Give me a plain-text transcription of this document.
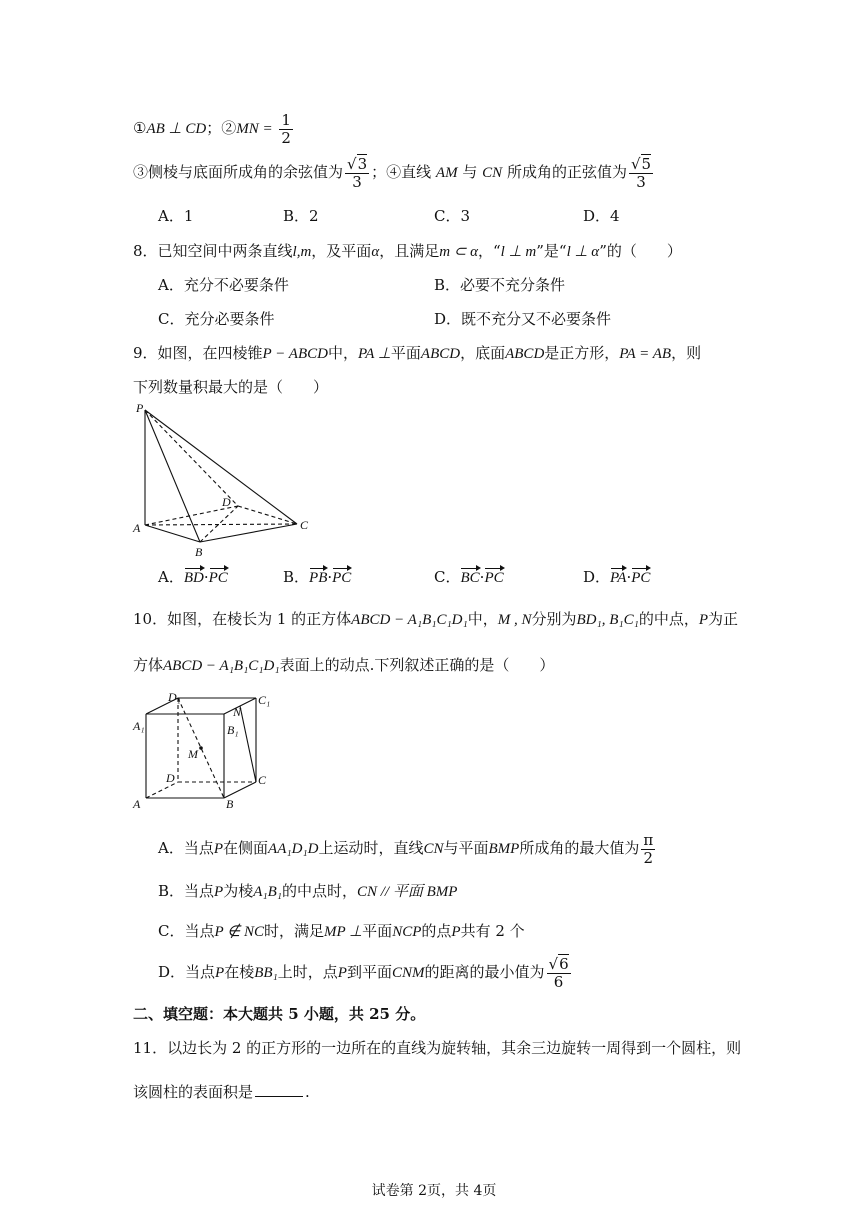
①AB ⊥ CD；②MN = $\frac{1}{2}$
③侧棱与底面所成角的余弦值为 $\frac{√3}{3}$ ；④直线 AM 与 CN 所成角的正弦值为 $\frac{√5}{3}$
A．1	B．2	C．3	D．4
8．已知空间中两条直线l,m，及平面α，且满足m ⊂ α，“l ⊥ m”是“l ⊥ α”的（　　）
A．充分不必要条件	B．必要不充分条件
C．充分必要条件	D．既不充分又不必要条件
9．如图，在四棱锥P − ABCD中，PA ⊥平面ABCD，底面ABCD是正方形，PA = AB，则
下列数量积最大的是（　　）
P
A
B
C
D
A．BD·PC	B．PB·PC	C．BC·PC	D．PA·PC
10．如图，在棱长为 1 的正方体ABCD − A₁B₁C₁D₁中，M , N分别为BD₁, B₁C₁的中点，P为正
方体ABCD − A₁B₁C₁D₁表面上的动点.下列叙述正确的是（　　）
A₁
D₁	C₁
B₁
N
M
D	C
A	B
A．当点P在侧面AA₁D₁D上运动时，直线CN与平面BMP所成角的最大值为 $\frac{\pi}{2}$
B．当点P为棱A₁B₁的中点时，CN // 平面 BMP
C．当点P ∉ NC时，满足MP ⊥平面NCP的点P共有 2 个
D．当点P在棱BB₁上时，点P到平面CNM的距离的最小值为 $\frac{√6}{6}$
二、填空题：本大题共 5 小题，共 25 分。
11．以边长为 2 的正方形的一边所在的直线为旋转轴，其余三边旋转一周得到一个圆柱，则
该圆柱的表面积是	.
试卷第 2页，共 4页
